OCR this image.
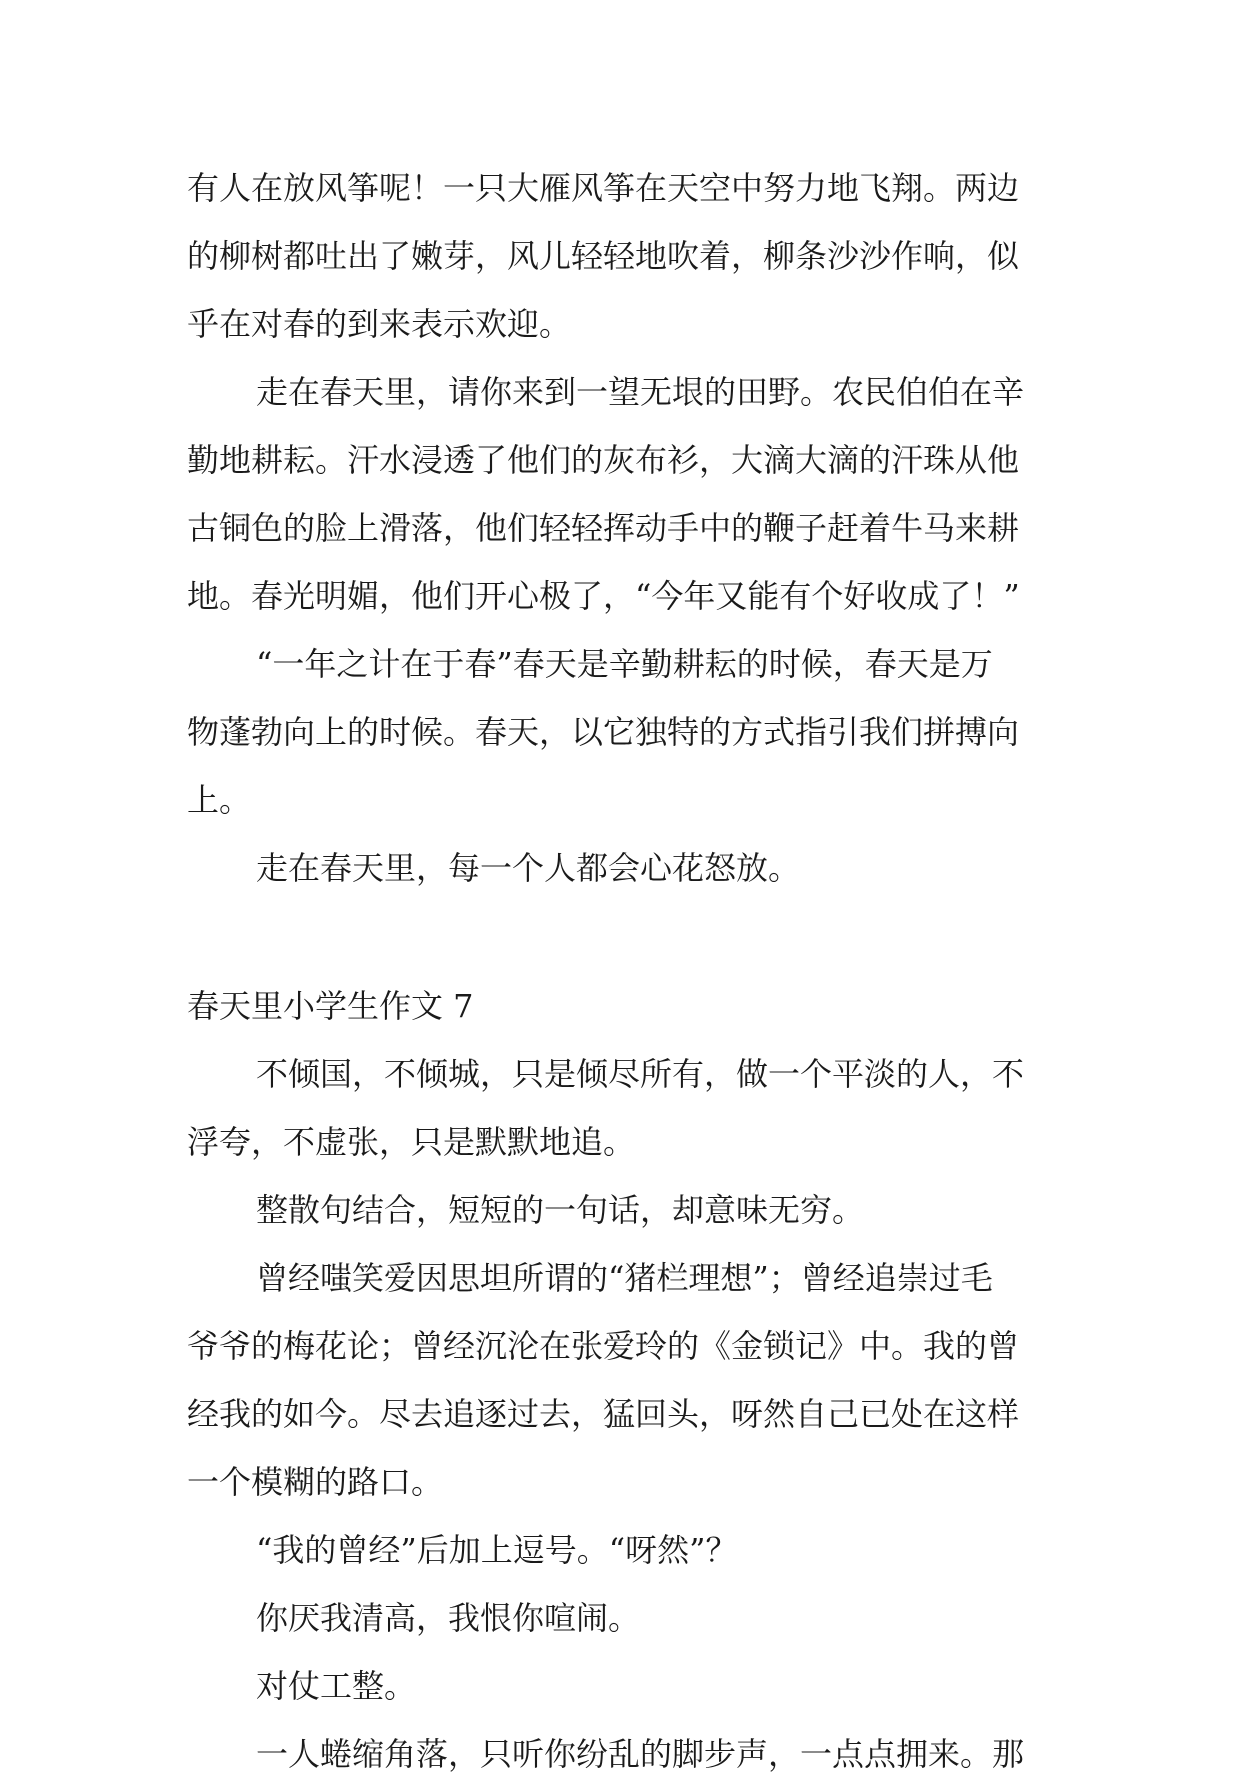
有人在放风筝呢！一只大雁风筝在天空中努力地飞翔。两边
的柳树都吐出了嫩芽，风儿轻轻地吹着，柳条沙沙作响，似
乎在对春的到来表示欢迎。
走在春天里，请你来到一望无垠的田野。农民伯伯在辛
勤地耕耘。汗水浸透了他们的灰布衫，大滴大滴的汗珠从他
古铜色的脸上滑落，他们轻轻挥动手中的鞭子赶着牛马来耕
地。春光明媚，他们开心极了，“今年又能有个好收成了！”
“一年之计在于春”春天是辛勤耕耘的时候，春天是万
物蓬勃向上的时候。春天，以它独特的方式指引我们拼搏向
上。
走在春天里，每一个人都会心花怒放。
春天里小学生作文 7
不倾国，不倾城，只是倾尽所有，做一个平淡的人，不
浮夸，不虚张，只是默默地追。
整散句结合，短短的一句话，却意味无穷。
曾经嗤笑爱因思坦所谓的“猪栏理想”；曾经追崇过毛
爷爷的梅花论；曾经沉沦在张爱玲的《金锁记》中。我的曾
经我的如今。尽去追逐过去，猛回头，呀然自己已处在这样
一个模糊的路口。
“我的曾经”后加上逗号。“呀然”？
你厌我清高，我恨你喧闹。
对仗工整。
一人蜷缩角落，只听你纷乱的脚步声，一点点拥来。那
